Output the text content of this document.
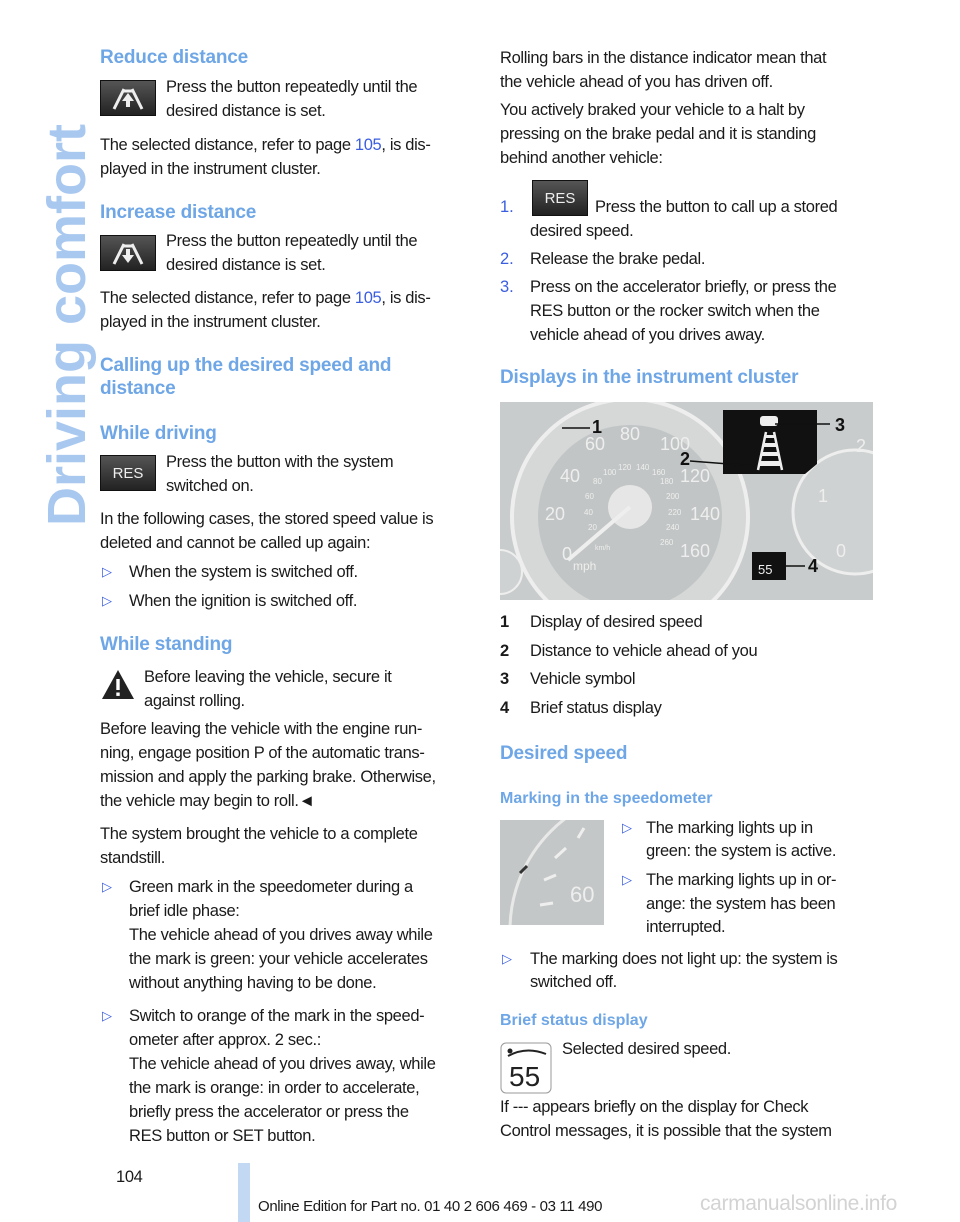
Driving comfort
Reduce distance
Press the button repeatedly until the
desired distance is set.
The selected distance, refer to page 105, is dis-
played in the instrument cluster.
Increase distance
Press the button repeatedly until the
desired distance is set.
The selected distance, refer to page 105, is dis-
played in the instrument cluster.
Calling up the desired speed and
distance
While driving
RES
Press the button with the system
switched on.
In the following cases, the stored speed value is
deleted and cannot be called up again:
▷ When the system is switched off.
▷ When the ignition is switched off.
While standing
Before leaving the vehicle, secure it
against rolling.
Before leaving the vehicle with the engine run-
ning, engage position P of the automatic trans-
mission and apply the parking brake. Otherwise,
the vehicle may begin to roll.◄
The system brought the vehicle to a complete
standstill.
▷ Green mark in the speedometer during a
brief idle phase:
The vehicle ahead of you drives away while
the mark is green: your vehicle accelerates
without anything having to be done.
▷ Switch to orange of the mark in the speed-
ometer after approx. 2 sec.:
The vehicle ahead of you drives away, while
the mark is orange: in order to accelerate,
briefly press the accelerator or press the
RES button or SET button.
Rolling bars in the distance indicator mean that
the vehicle ahead of you has driven off.
You actively braked your vehicle to a halt by
pressing on the brake pedal and it is standing
behind another vehicle:
1.	RES	Press the button to call up a stored
desired speed.
2. Release the brake pedal.
3. Press on the accelerator briefly, or press the
RES button or the rocker switch when the
vehicle ahead of you drives away.
Displays in the instrument cluster
0
20
40
60 80 100
120
140
160
mph
km/h
20
40
60
80
100
120 140
160
180
200
220
240
260	0
1
2
55
1
2
3
4
1 Display of desired speed
2 Distance to vehicle ahead of you
3 Vehicle symbol
4 Brief status display
Desired speed
Marking in the speedometer
60
▷ The marking lights up in
green: the system is active.
▷ The marking lights up in or-
ange: the system has been
interrupted.
▷ The marking does not light up: the system is
switched off.
Brief status display
55
Selected desired speed.
If --- appears briefly on the display for Check
Control messages, it is possible that the system
104
Online Edition for Part no. 01 40 2 606 469 - 03 11 490	carmanualsonline.info
